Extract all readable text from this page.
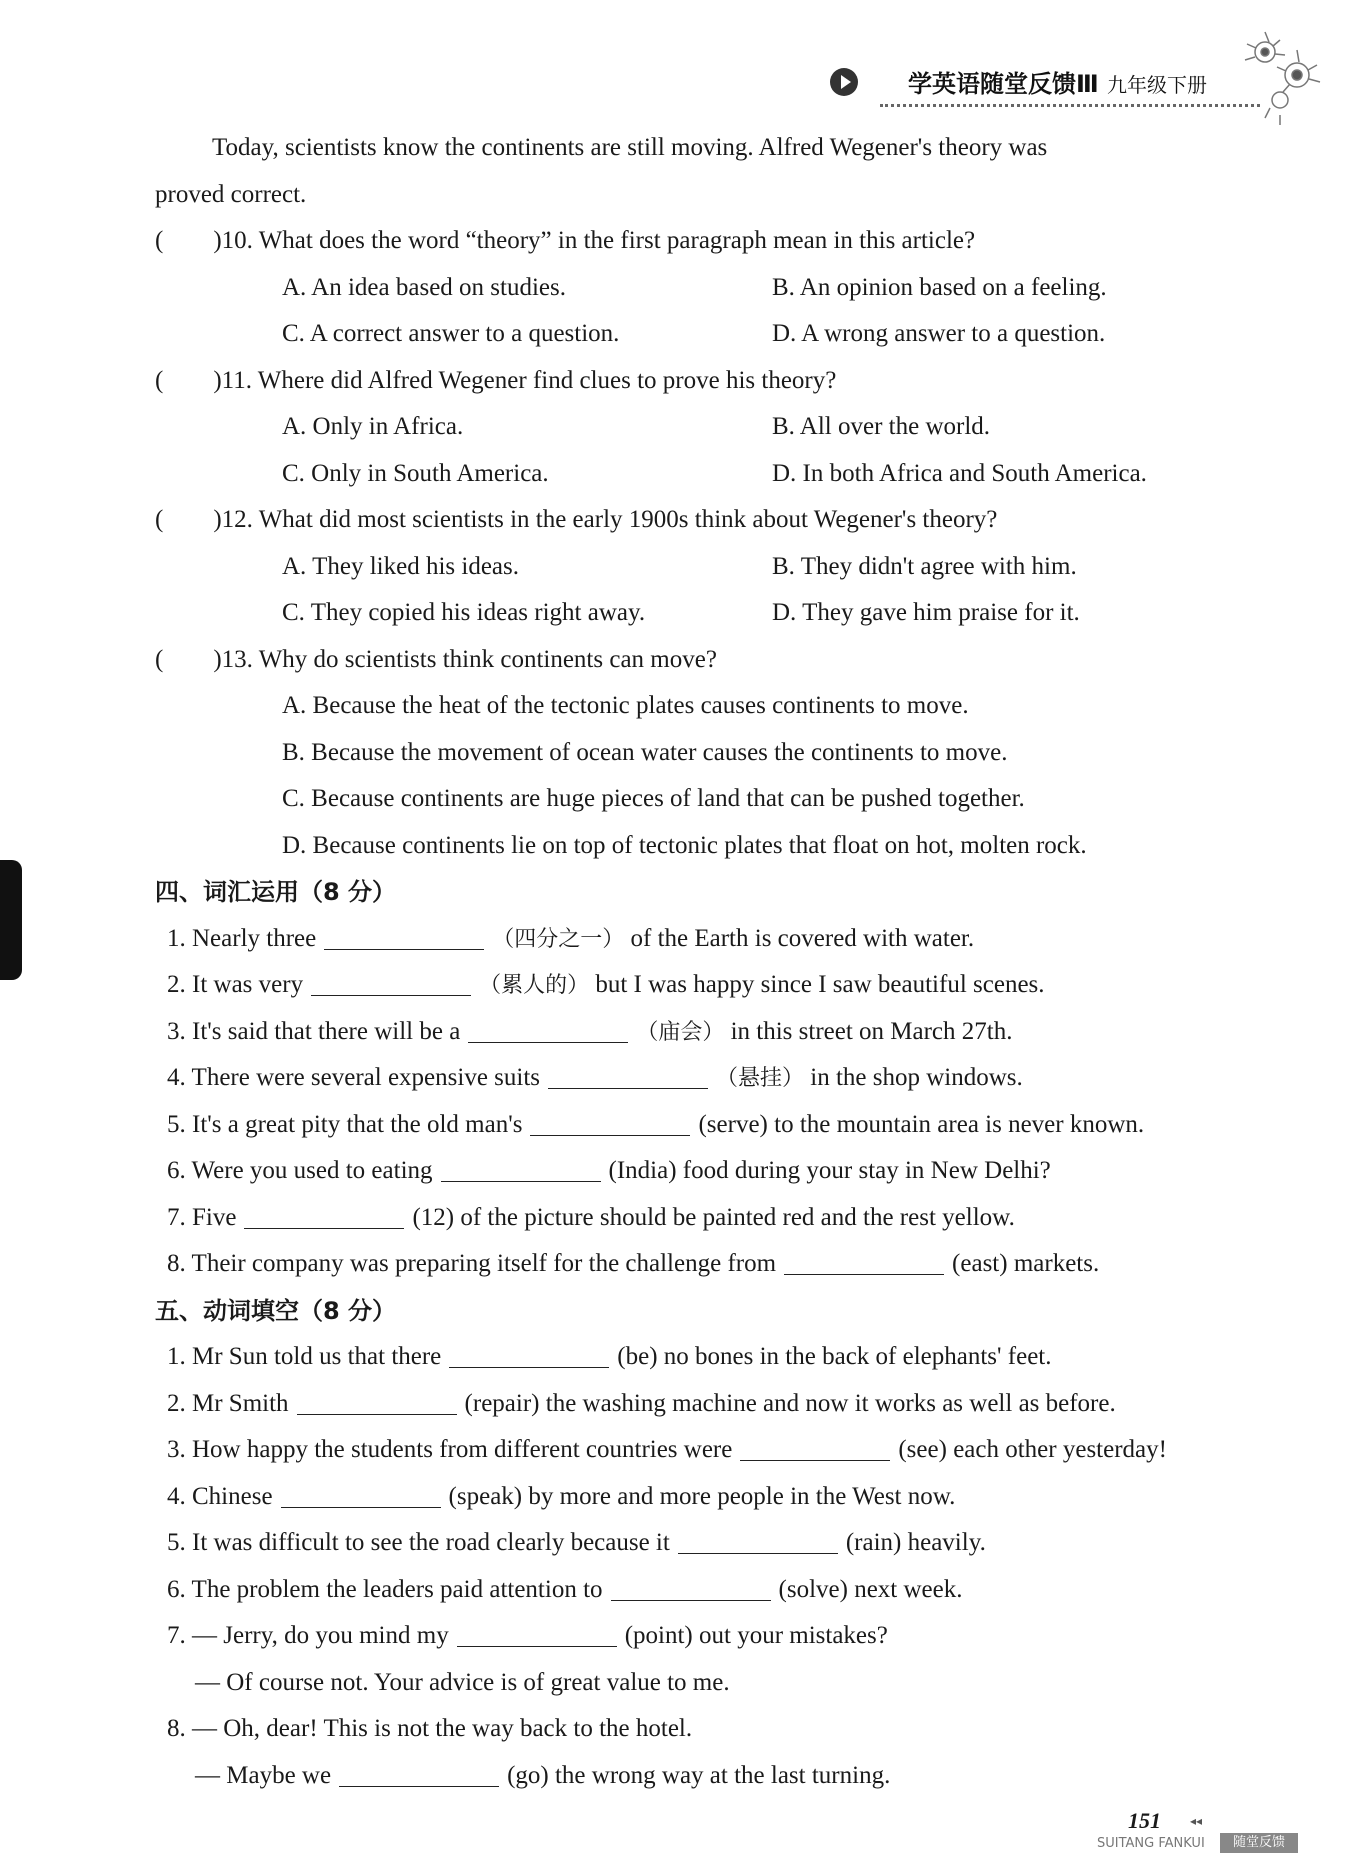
学英语随堂反馈Ⅲ 九年级下册
Today, scientists know the continents are still moving. Alfred Wegener's theory was
proved correct.
(　　)10. What does the word “theory” in the first paragraph mean in this article?
A. An idea based on studies.	B. An opinion based on a feeling.
C. A correct answer to a question.	D. A wrong answer to a question.
(　　)11. Where did Alfred Wegener find clues to prove his theory?
A. Only in Africa.	B. All over the world.
C. Only in South America.	D. In both Africa and South America.
(　　)12. What did most scientists in the early 1900s think about Wegener's theory?
A. They liked his ideas.	B. They didn't agree with him.
C. They copied his ideas right away.	D. They gave him praise for it.
(　　)13. Why do scientists think continents can move?
A. Because the heat of the tectonic plates causes continents to move.
B. Because the movement of ocean water causes the continents to move.
C. Because continents are huge pieces of land that can be pushed together.
D. Because continents lie on top of tectonic plates that float on hot, molten rock.
四、词汇运用（8 分）
1. Nearly three	（四分之一） of the Earth is covered with water.
2. It was very	（累人的） but I was happy since I saw beautiful scenes.
3. It's said that there will be a	（庙会） in this street on March 27th.
4. There were several expensive suits	（悬挂） in the shop windows.
5. It's a great pity that the old man's	(serve) to the mountain area is never known.
6. Were you used to eating	(India) food during your stay in New Delhi?
7. Five	(12) of the picture should be painted red and the rest yellow.
8. Their company was preparing itself for the challenge from	(east) markets.
五、动词填空（8 分）
1. Mr Sun told us that there	(be) no bones in the back of elephants' feet.
2. Mr Smith	(repair) the washing machine and now it works as well as before.
3. How happy the students from different countries were	(see) each other yesterday!
4. Chinese	(speak) by more and more people in the West now.
5. It was difficult to see the road clearly because it	(rain) heavily.
6. The problem the leaders paid attention to	(solve) next week.
7. — Jerry, do you mind my	(point) out your mistakes?
— Of course not. Your advice is of great value to me.
8. — Oh, dear! This is not the way back to the hotel.
— Maybe we	(go) the wrong way at the last turning.
151 ◂◂
SUITANG FANKUI	随堂反馈
